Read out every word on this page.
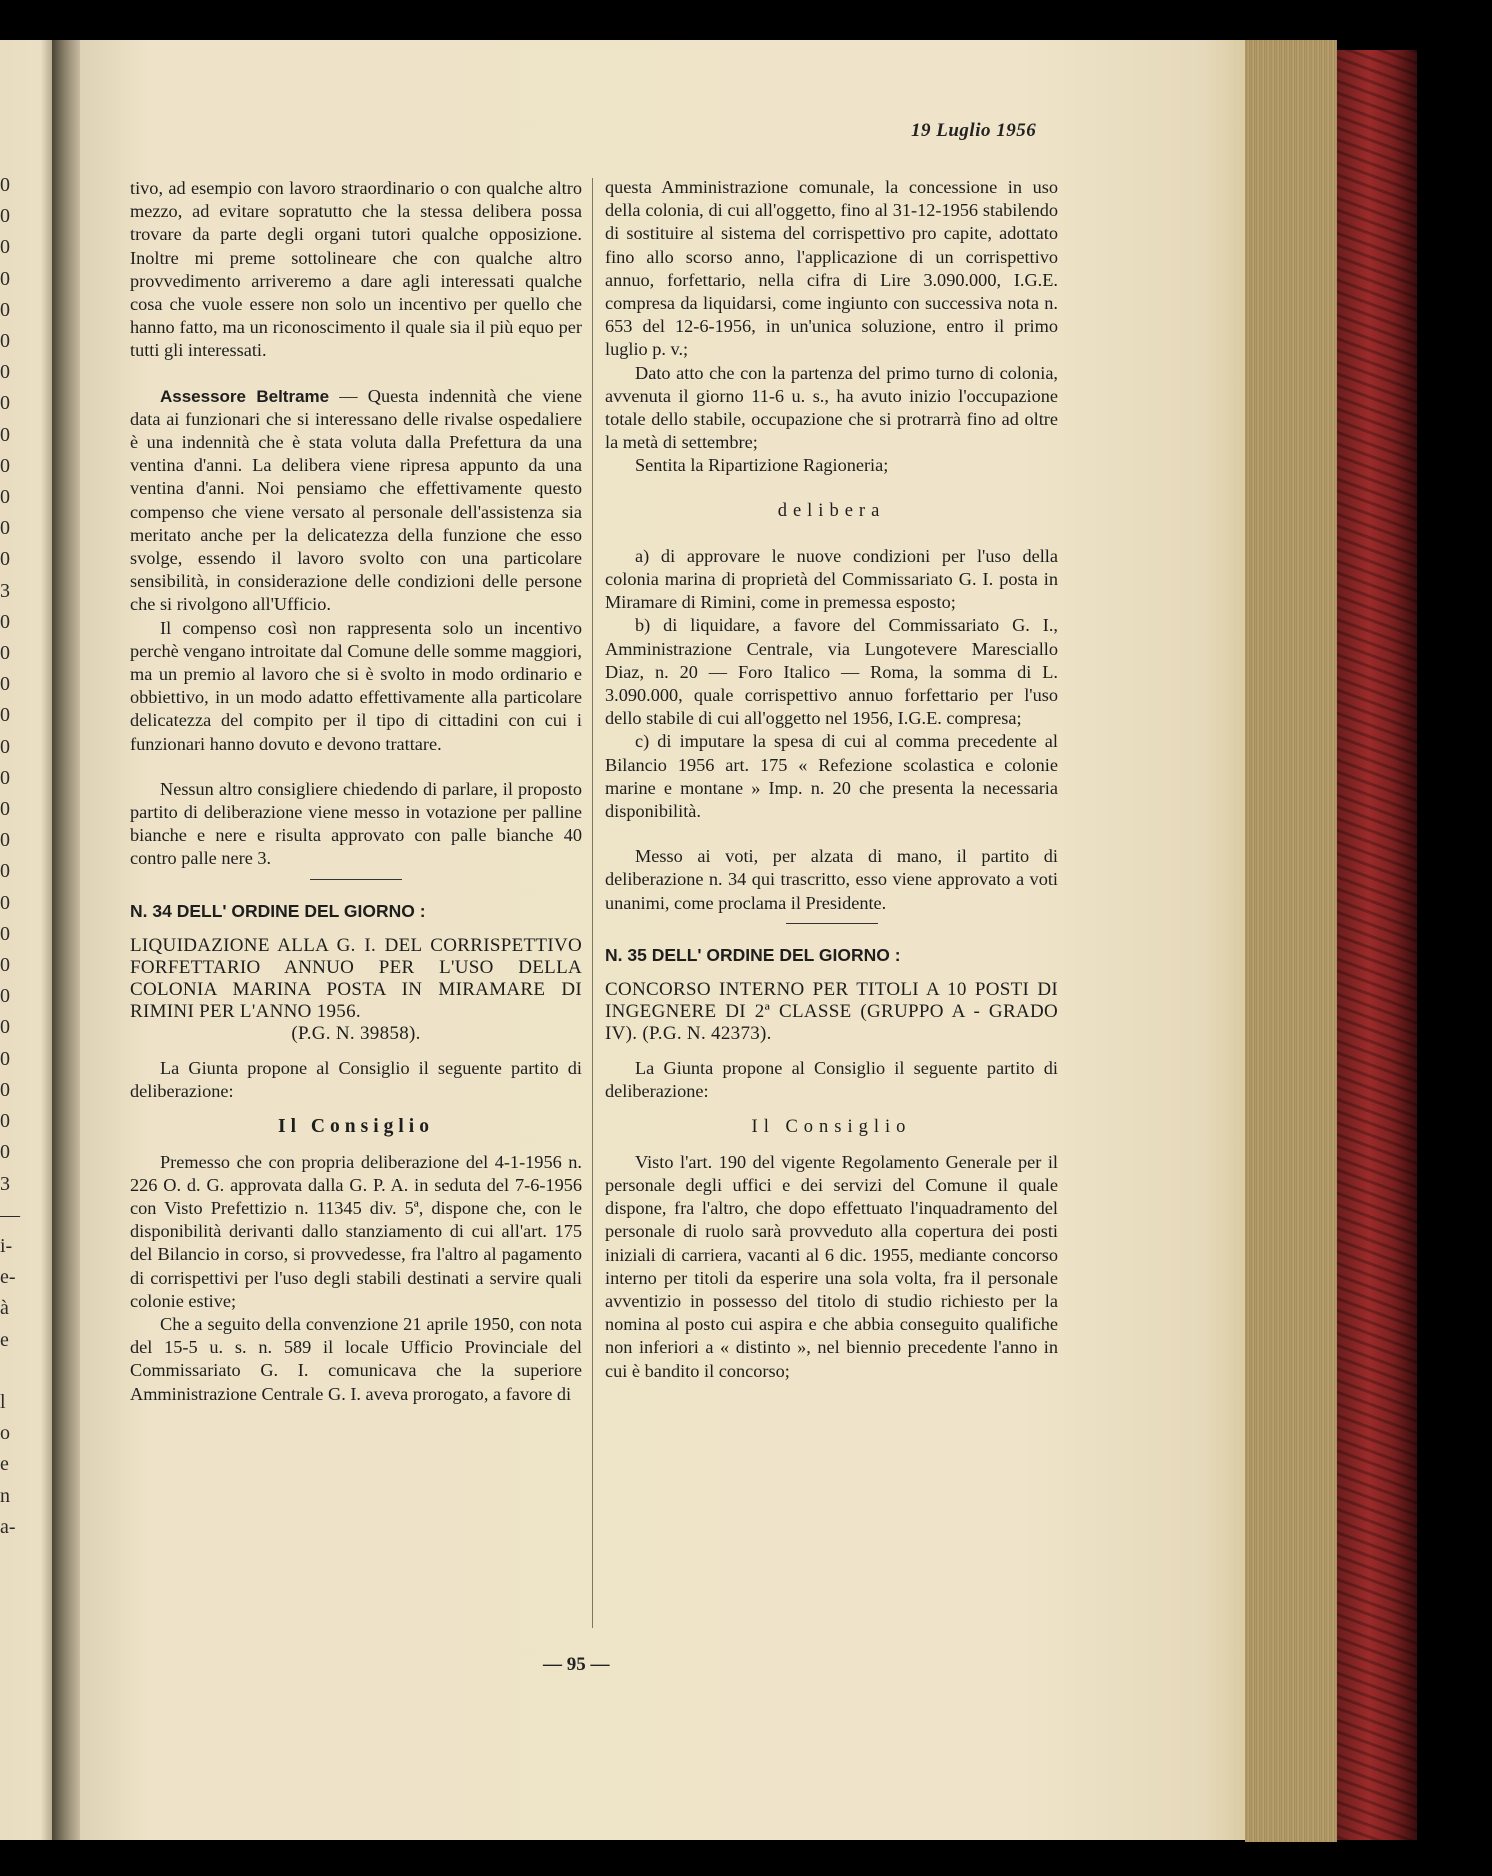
0
0
0
0
0
0
0
0
0
0
0
0
0
3
0
0
0
0
0
0
0
0
0
0
0
0
0
0
0
0
0
0
3
—
i-
e-
à
e

l
o
e
n
a-
19 Luglio 1956

tivo, ad esempio con lavoro straordinario o con qualche altro mezzo, ad evitare sopratutto che la stessa delibera possa trovare da parte degli organi tutori qualche opposizione. Inoltre mi preme sottolineare che con qualche altro provvedimento arriveremo a dare agli interessati qualche cosa che vuole essere non solo un incentivo per quello che hanno fatto, ma un riconoscimento il quale sia il più equo per tutti gli interessati.

Assessore Beltrame — Questa indennità che viene data ai funzionari che si interessano delle rivalse ospedaliere è una indennità che è stata voluta dalla Prefettura da una ventina d'anni. La delibera viene ripresa appunto da una ventina d'anni. Noi pensiamo che effettivamente questo compenso che viene versato al personale dell'assistenza sia meritato anche per la delicatezza della funzione che esso svolge, essendo il lavoro svolto con una particolare sensibilità, in considerazione delle condizioni delle persone che si rivolgono all'Ufficio.

Il compenso così non rappresenta solo un incentivo perchè vengano introitate dal Comune delle somme maggiori, ma un premio al lavoro che si è svolto in modo ordinario e obbiettivo, in un modo adatto effettivamente alla particolare delicatezza del compito per il tipo di cittadini con cui i funzionari hanno dovuto e devono trattare.

Nessun altro consigliere chiedendo di parlare, il proposto partito di deliberazione viene messo in votazione per palline bianche e nere e risulta approvato con palle bianche 40 contro palle nere 3.

N. 34 DELL' ORDINE DEL GIORNO :

LIQUIDAZIONE ALLA G. I. DEL CORRISPETTIVO FORFETTARIO ANNUO PER L'USO DELLA COLONIA MARINA POSTA IN MIRAMARE DI RIMINI PER L'ANNO 1956.

(P.G. N. 39858).

La Giunta propone al Consiglio il seguente partito di deliberazione:

Il Consiglio

Premesso che con propria deliberazione del 4-1-1956 n. 226 O. d. G. approvata dalla G. P. A. in seduta del 7-6-1956 con Visto Prefettizio n. 11345 div. 5ª, dispone che, con le disponibilità derivanti dallo stanziamento di cui all'art. 175 del Bilancio in corso, si provvedesse, fra l'altro al pagamento di corrispettivi per l'uso degli stabili destinati a servire quali colonie estive;

Che a seguito della convenzione 21 aprile 1950, con nota del 15-5 u. s. n. 589 il locale Ufficio Provinciale del Commissariato G. I. comunicava che la superiore Amministrazione Centrale G. I. aveva prorogato, a favore di

questa Amministrazione comunale, la concessione in uso della colonia, di cui all'oggetto, fino al 31-12-1956 stabilendo di sostituire al sistema del corrispettivo pro capite, adottato fino allo scorso anno, l'applicazione di un corrispettivo annuo, forfettario, nella cifra di Lire 3.090.000, I.G.E. compresa da liquidarsi, come ingiunto con successiva nota n. 653 del 12-6-1956, in un'unica soluzione, entro il primo luglio p. v.;

Dato atto che con la partenza del primo turno di colonia, avvenuta il giorno 11-6 u. s., ha avuto inizio l'occupazione totale dello stabile, occupazione che si protrarrà fino ad oltre la metà di settembre;

Sentita la Ripartizione Ragioneria;

delibera

a) di approvare le nuove condizioni per l'uso della colonia marina di proprietà del Commissariato G. I. posta in Miramare di Rimini, come in premessa esposto;

b) di liquidare, a favore del Commissariato G. I., Amministrazione Centrale, via Lungotevere Maresciallo Diaz, n. 20 — Foro Italico — Roma, la somma di L. 3.090.000, quale corrispettivo annuo forfettario per l'uso dello stabile di cui all'oggetto nel 1956, I.G.E. compresa;

c) di imputare la spesa di cui al comma precedente al Bilancio 1956 art. 175 « Refezione scolastica e colonie marine e montane » Imp. n. 20 che presenta la necessaria disponibilità.

Messo ai voti, per alzata di mano, il partito di deliberazione n. 34 qui trascritto, esso viene approvato a voti unanimi, come proclama il Presidente.

N. 35 DELL' ORDINE DEL GIORNO :

CONCORSO INTERNO PER TITOLI A 10 POSTI DI INGEGNERE DI 2ª CLASSE (GRUPPO A - GRADO IV). (P.G. N. 42373).

La Giunta propone al Consiglio il seguente partito di deliberazione:

Il Consiglio

Visto l'art. 190 del vigente Regolamento Generale per il personale degli uffici e dei servizi del Comune il quale dispone, fra l'altro, che dopo effettuato l'inquadramento del personale di ruolo sarà provveduto alla copertura dei posti iniziali di carriera, vacanti al 6 dic. 1955, mediante concorso interno per titoli da esperire una sola volta, fra il personale avventizio in possesso del titolo di studio richiesto per la nomina al posto cui aspira e che abbia conseguito qualifiche non inferiori a « distinto », nel biennio precedente l'anno in cui è bandito il concorso;

— 95 —
